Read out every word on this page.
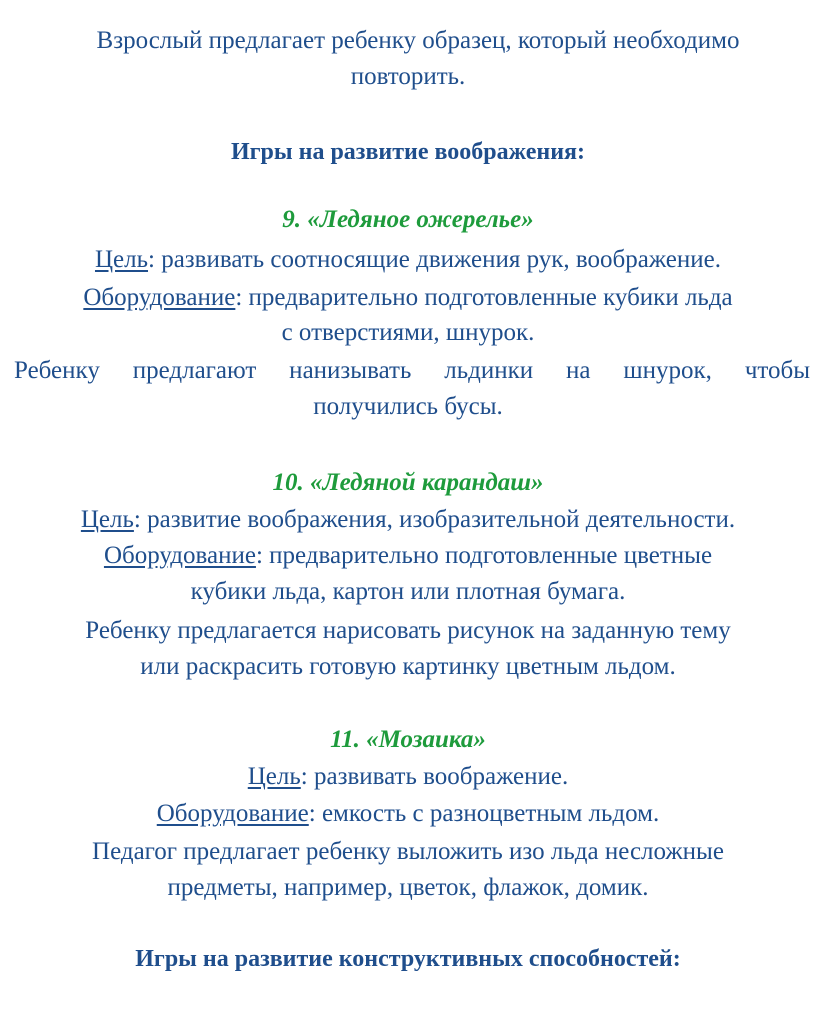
Взрослый предлагает ребенку образец, который необходимо
повторить.
Игры на развитие воображения:
9. «Ледяное ожерелье»
Цель: развивать соотносящие движения рук, воображение.
Оборудование: предварительно подготовленные кубики льда
с отверстиями, шнурок.
Ребенку предлагают нанизывать льдинки на шнурок, чтобы
получились бусы.
10. «Ледяной карандаш»
Цель: развитие воображения, изобразительной деятельности.
Оборудование: предварительно подготовленные цветные
кубики льда, картон или плотная бумага.
Ребенку предлагается нарисовать рисунок на заданную тему
или раскрасить готовую картинку цветным льдом.
11. «Мозаика»
Цель: развивать воображение.
Оборудование: емкость с разноцветным льдом.
Педагог предлагает ребенку выложить изо льда несложные
предметы, например, цветок, флажок, домик.
Игры на развитие конструктивных способностей:
